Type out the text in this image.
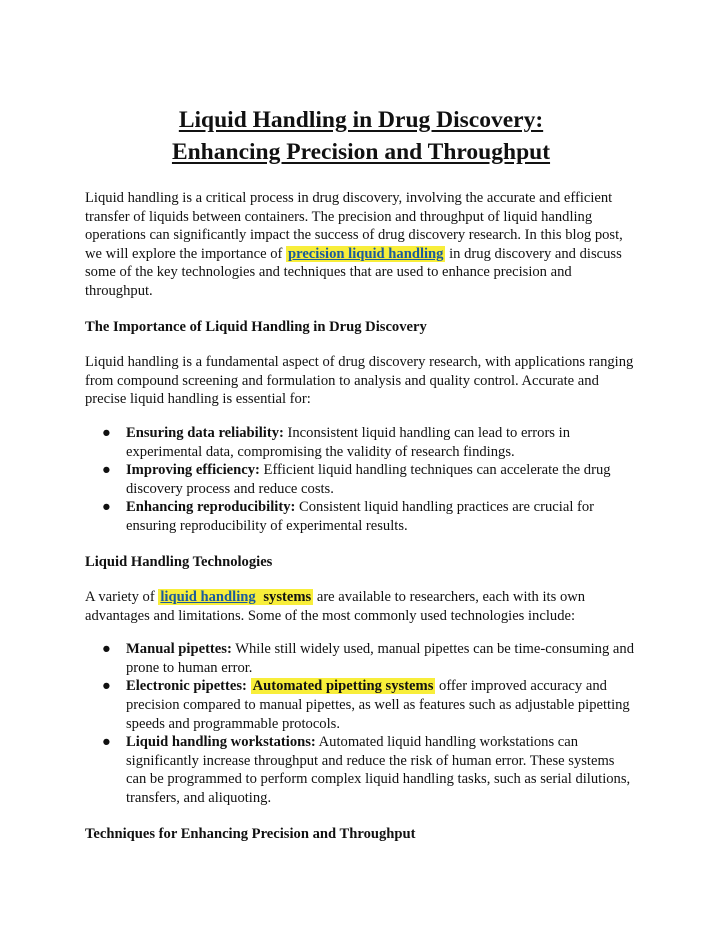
Liquid Handling in Drug Discovery:
Enhancing Precision and Throughput

Liquid handling is a critical process in drug discovery, involving the accurate and efficient transfer of liquids between containers. The precision and throughput of liquid handling operations can significantly impact the success of drug discovery research. In this blog post, we will explore the importance of precision liquid handling in drug discovery and discuss some of the key technologies and techniques that are used to enhance precision and throughput.

The Importance of Liquid Handling in Drug Discovery

Liquid handling is a fundamental aspect of drug discovery research, with applications ranging from compound screening and formulation to analysis and quality control. Accurate and precise liquid handling is essential for:

● Ensuring data reliability: Inconsistent liquid handling can lead to errors in experimental data, compromising the validity of research findings.
● Improving efficiency: Efficient liquid handling techniques can accelerate the drug discovery process and reduce costs.
● Enhancing reproducibility: Consistent liquid handling practices are crucial for ensuring reproducibility of experimental results.
Liquid Handling Technologies

A variety of liquid handling systems are available to researchers, each with its own advantages and limitations. Some of the most commonly used technologies include:

● Manual pipettes: While still widely used, manual pipettes can be time-consuming and prone to human error.
● Electronic pipettes: Automated pipetting systems offer improved accuracy and precision compared to manual pipettes, as well as features such as adjustable pipetting speeds and programmable protocols.
● Liquid handling workstations: Automated liquid handling workstations can significantly increase throughput and reduce the risk of human error. These systems can be programmed to perform complex liquid handling tasks, such as serial dilutions, transfers, and aliquoting.
Techniques for Enhancing Precision and Throughput
